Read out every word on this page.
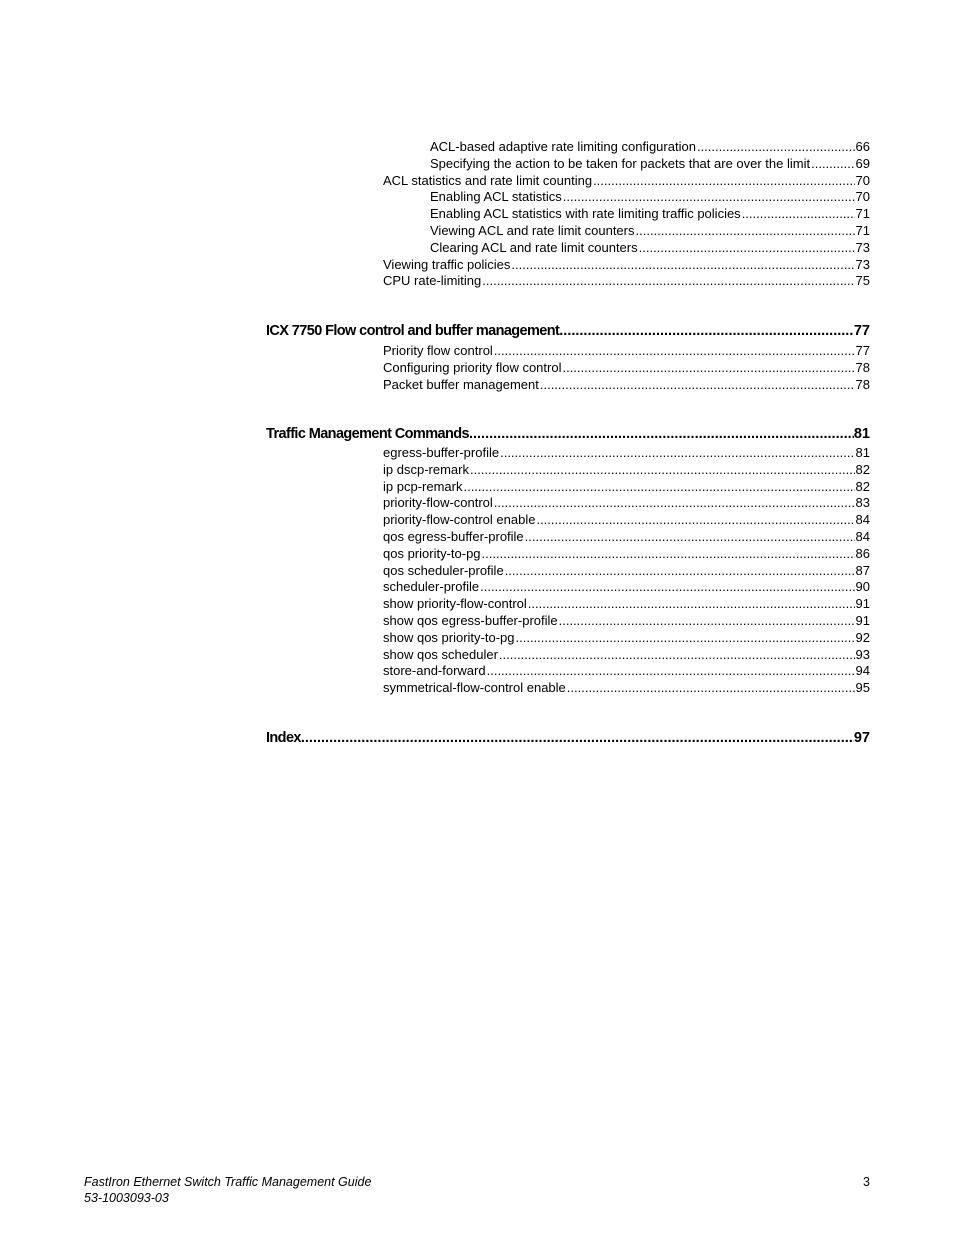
ACL-based adaptive rate limiting configuration .....	66
Specifying the action to be taken for packets that are over the limit .....	69
ACL statistics and rate limit counting .....	70
Enabling ACL statistics .....	70
Enabling ACL statistics with rate limiting traffic policies .....	71
Viewing ACL and rate limit counters .....	71
Clearing ACL and rate limit counters .....	73
Viewing traffic policies .....	73
CPU rate-limiting .....	75
ICX 7750 Flow control and buffer management .....	77
Priority flow control .....	77
Configuring priority flow control .....	78
Packet buffer management .....	78
Traffic Management Commands .....	81
egress-buffer-profile .....	81
ip dscp-remark .....	82
ip pcp-remark .....	82
priority-flow-control .....	83
priority-flow-control enable .....	84
qos egress-buffer-profile .....	84
qos priority-to-pg .....	86
qos scheduler-profile .....	87
scheduler-profile .....	90
show priority-flow-control .....	91
show qos egress-buffer-profile .....	91
show qos priority-to-pg .....	92
show qos scheduler .....	93
store-and-forward .....	94
symmetrical-flow-control enable .....	95
Index .....	97
FastIron Ethernet Switch Traffic Management Guide
53-1003093-03
3
